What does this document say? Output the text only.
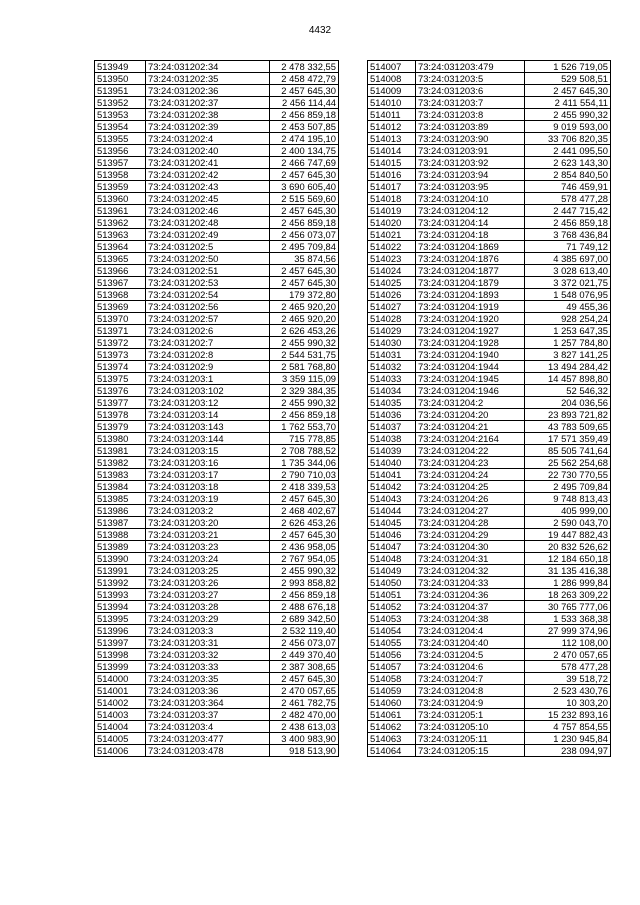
4432
513949	73:24:031202:34	2 478 332,55
513950	73:24:031202:35	2 458 472,79
513951	73:24:031202:36	2 457 645,30
513952	73:24:031202:37	2 456 114,44
513953	73:24:031202:38	2 456 859,18
513954	73:24:031202:39	2 453 507,85
513955	73:24:031202:4	2 474 195,10
513956	73:24:031202:40	2 400 134,75
513957	73:24:031202:41	2 466 747,69
513958	73:24:031202:42	2 457 645,30
513959	73:24:031202:43	3 690 605,40
513960	73:24:031202:45	2 515 569,60
513961	73:24:031202:46	2 457 645,30
513962	73:24:031202:48	2 456 859,18
513963	73:24:031202:49	2 456 073,07
513964	73:24:031202:5	2 495 709,84
513965	73:24:031202:50	35 874,56
513966	73:24:031202:51	2 457 645,30
513967	73:24:031202:53	2 457 645,30
513968	73:24:031202:54	179 372,80
513969	73:24:031202:56	2 465 920,20
513970	73:24:031202:57	2 465 920,20
513971	73:24:031202:6	2 626 453,26
513972	73:24:031202:7	2 455 990,32
513973	73:24:031202:8	2 544 531,75
513974	73:24:031202:9	2 581 768,80
513975	73:24:031203:1	3 359 115,09
513976	73:24:031203:102	2 329 384,35
513977	73:24:031203:12	2 455 990,32
513978	73:24:031203:14	2 456 859,18
513979	73:24:031203:143	1 762 553,70
513980	73:24:031203:144	715 778,85
513981	73:24:031203:15	2 708 788,52
513982	73:24:031203:16	1 735 344,06
513983	73:24:031203:17	2 790 710,03
513984	73:24:031203:18	2 418 339,53
513985	73:24:031203:19	2 457 645,30
513986	73:24:031203:2	2 468 402,67
513987	73:24:031203:20	2 626 453,26
513988	73:24:031203:21	2 457 645,30
513989	73:24:031203:23	2 436 958,05
513990	73:24:031203:24	2 767 954,05
513991	73:24:031203:25	2 455 990,32
513992	73:24:031203:26	2 993 858,82
513993	73:24:031203:27	2 456 859,18
513994	73:24:031203:28	2 488 676,18
513995	73:24:031203:29	2 689 342,50
513996	73:24:031203:3	2 532 119,40
513997	73:24:031203:31	2 456 073,07
513998	73:24:031203:32	2 449 370,40
513999	73:24:031203:33	2 387 308,65
514000	73:24:031203:35	2 457 645,30
514001	73:24:031203:36	2 470 057,65
514002	73:24:031203:364	2 461 782,75
514003	73:24:031203:37	2 482 470,00
514004	73:24:031203:4	2 438 613,03
514005	73:24:031203:477	3 400 983,90
514006	73:24:031203:478	918 513,90
514007	73:24:031203:479	1 526 719,05
514008	73:24:031203:5	529 508,51
514009	73:24:031203:6	2 457 645,30
514010	73:24:031203:7	2 411 554,11
514011	73:24:031203:8	2 455 990,32
514012	73:24:031203:89	9 019 593,00
514013	73:24:031203:90	33 706 820,35
514014	73:24:031203:91	2 441 095,50
514015	73:24:031203:92	2 623 143,30
514016	73:24:031203:94	2 854 840,50
514017	73:24:031203:95	746 459,91
514018	73:24:031204:10	578 477,28
514019	73:24:031204:12	2 447 715,42
514020	73:24:031204:14	2 456 859,18
514021	73:24:031204:18	3 768 436,84
514022	73:24:031204:1869	71 749,12
514023	73:24:031204:1876	4 385 697,00
514024	73:24:031204:1877	3 028 613,40
514025	73:24:031204:1879	3 372 021,75
514026	73:24:031204:1893	1 548 076,95
514027	73:24:031204:1919	49 455,36
514028	73:24:031204:1920	928 254,24
514029	73:24:031204:1927	1 253 647,35
514030	73:24:031204:1928	1 257 784,80
514031	73:24:031204:1940	3 827 141,25
514032	73:24:031204:1944	13 494 284,42
514033	73:24:031204:1945	14 457 898,80
514034	73:24:031204:1946	52 546,32
514035	73:24:031204:2	204 036,56
514036	73:24:031204:20	23 893 721,82
514037	73:24:031204:21	43 783 509,65
514038	73:24:031204:2164	17 571 359,49
514039	73:24:031204:22	85 505 741,64
514040	73:24:031204:23	25 562 254,68
514041	73:24:031204:24	22 730 770,55
514042	73:24:031204:25	2 495 709,84
514043	73:24:031204:26	9 748 813,43
514044	73:24:031204:27	405 999,00
514045	73:24:031204:28	2 590 043,70
514046	73:24:031204:29	19 447 882,43
514047	73:24:031204:30	20 832 526,62
514048	73:24:031204:31	12 184 650,18
514049	73:24:031204:32	31 135 416,38
514050	73:24:031204:33	1 286 999,84
514051	73:24:031204:36	18 263 309,22
514052	73:24:031204:37	30 765 777,06
514053	73:24:031204:38	1 533 368,38
514054	73:24:031204:4	27 999 374,96
514055	73:24:031204:40	112 108,00
514056	73:24:031204:5	2 470 057,65
514057	73:24:031204:6	578 477,28
514058	73:24:031204:7	39 518,72
514059	73:24:031204:8	2 523 430,76
514060	73:24:031204:9	10 303,20
514061	73:24:031205:1	15 232 893,16
514062	73:24:031205:10	4 757 854,55
514063	73:24:031205:11	1 230 945,84
514064	73:24:031205:15	238 094,97
